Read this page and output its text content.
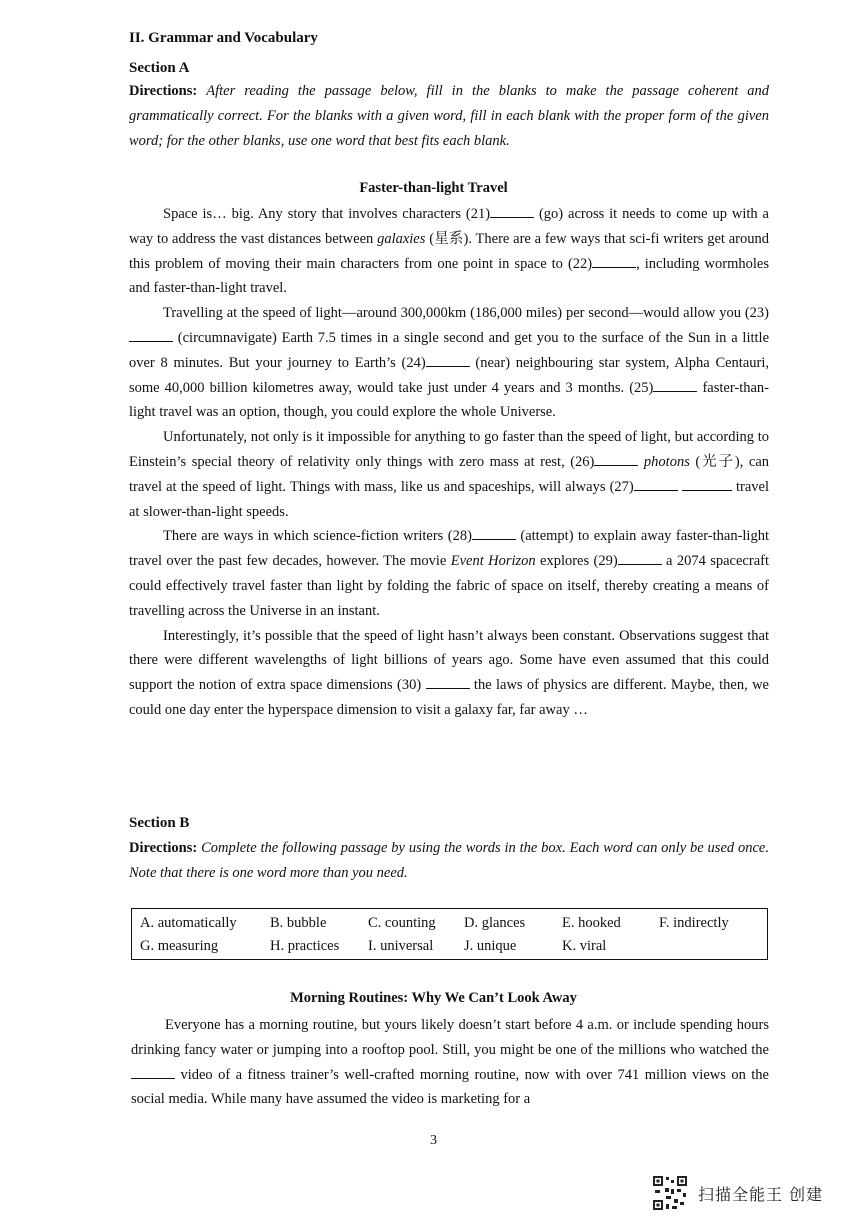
II. Grammar and Vocabulary
Section A
Directions: After reading the passage below, fill in the blanks to make the passage coherent and grammatically correct. For the blanks with a given word, fill in each blank with the proper form of the given word; for the other blanks, use one word that best fits each blank.
Faster-than-light Travel

Space is… big. Any story that involves characters (21)	(go) across it needs to come up with a way to address the vast distances between galaxies (星系). There are a few ways that sci-fi writers get around this problem of moving their main characters from one point in space to (22)	, including wormholes and faster-than-light travel.

Travelling at the speed of light—around 300,000km (186,000 miles) per second—would allow you (23) (circumnavigate) Earth 7.5 times in a single second and get you to the surface of the Sun in a little over 8 minutes. But your journey to Earth’s (24)	(near) neighbouring star system, Alpha Centauri, some 40,000 billion kilometres away, would take just under 4 years and 3 months. (25)	faster-than-light travel was an option, though, you could explore the whole Universe.

Unfortunately, not only is it impossible for anything to go faster than the speed of light, but according to Einstein’s special theory of relativity only things with zero mass at rest, (26)	photons (光子), can travel at the speed of light. Things with mass, like us and spaceships, will always (27)	travel at slower-than-light speeds.

There are ways in which science-fiction writers (28)	(attempt) to explain away faster-than-light travel over the past few decades, however. The movie Event Horizon explores (29)	a 2074 spacecraft could effectively travel faster than light by folding the fabric of space on itself, thereby creating a means of travelling across the Universe in an instant.

Interestingly, it’s possible that the speed of light hasn’t always been constant. Observations suggest that there were different wavelengths of light billions of years ago. Some have even assumed that this could support the notion of extra space dimensions (30)	the laws of physics are different. Maybe, then, we could one day enter the hyperspace dimension to visit a galaxy far, far away …

Section B
Directions: Complete the following passage by using the words in the box. Each word can only be used once. Note that there is one word more than you need.
A. automatically B. bubble	C. counting D. glances	E. hooked	F. indirectly
G. measuring	H. practices I. universal J. unique	K. viral
Morning Routines: Why We Can’t Look Away

Everyone has a morning routine, but yours likely doesn’t start before 4 a.m. or include spending hours drinking fancy water or jumping into a rooftop pool. Still, you might be one of the millions who watched the  video of a fitness trainer’s well-crafted morning routine, now with over 741 million views on the social media. While many have assumed the video is marketing for a

3
扫描全能王 创建
